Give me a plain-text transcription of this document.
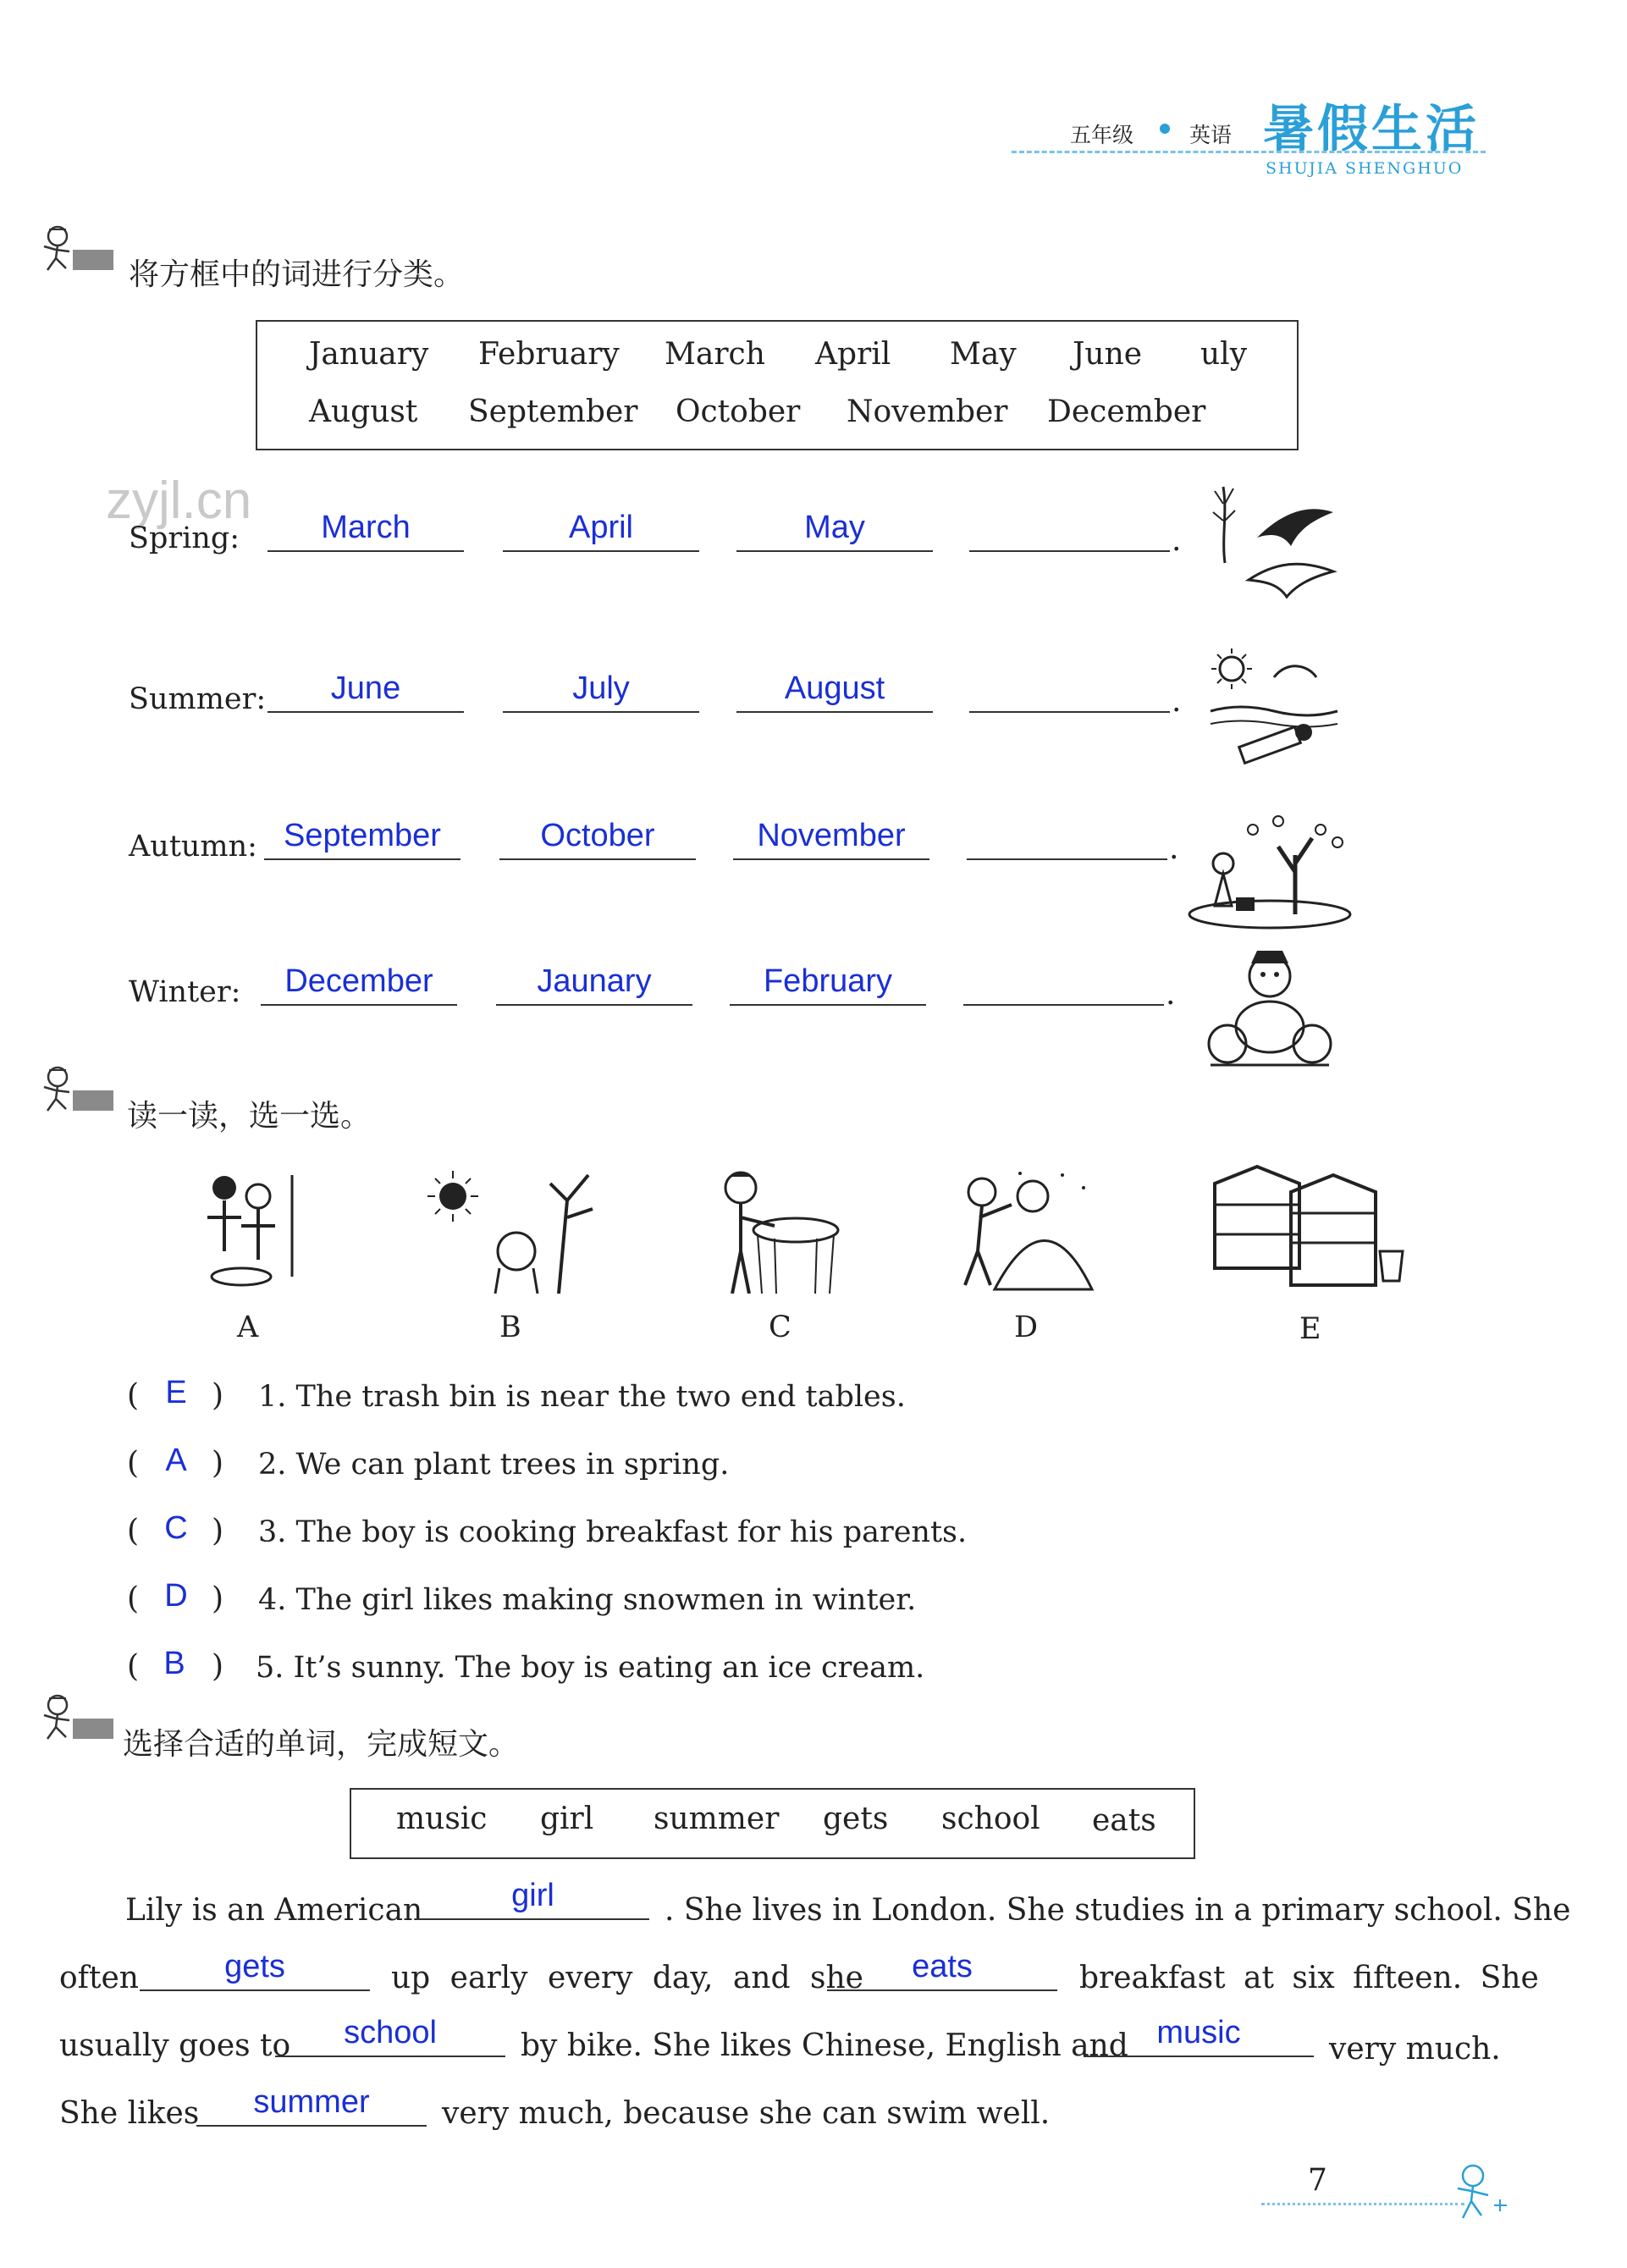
五年级	英语 暑假生活
SHUJIA SHENGHUO
zyjl.cn
将方框中的词进行分类。
January February March April May June uly
August September October November December
Spring:	March	April	May	.
Summer:	June	July	August	.
Autumn: September	October	November	.
Winter:	December	Jaunary	February	.
读一读，选一选。
A	B	C	D	E
( E ) 1. The trash bin is near the two end tables.
( A ) 2. We can plant trees in spring.
( C ) 3. The boy is cooking breakfast for his parents.
( D ) 4. The girl likes making snowmen in winter.
( B ) 5. It’s sunny. The boy is eating an ice cream.
选择合适的单词，完成短文。
music girl summer gets school eats
Lily is an American	girl	. She lives in London. She studies in a primary school. She
often	gets	up early every day, and she	eats	breakfast at six fifteen. She
usually goes to	school	by bike. She likes Chinese, English and music	very much.
She likes	summer	very much, because she can swim well.
7
